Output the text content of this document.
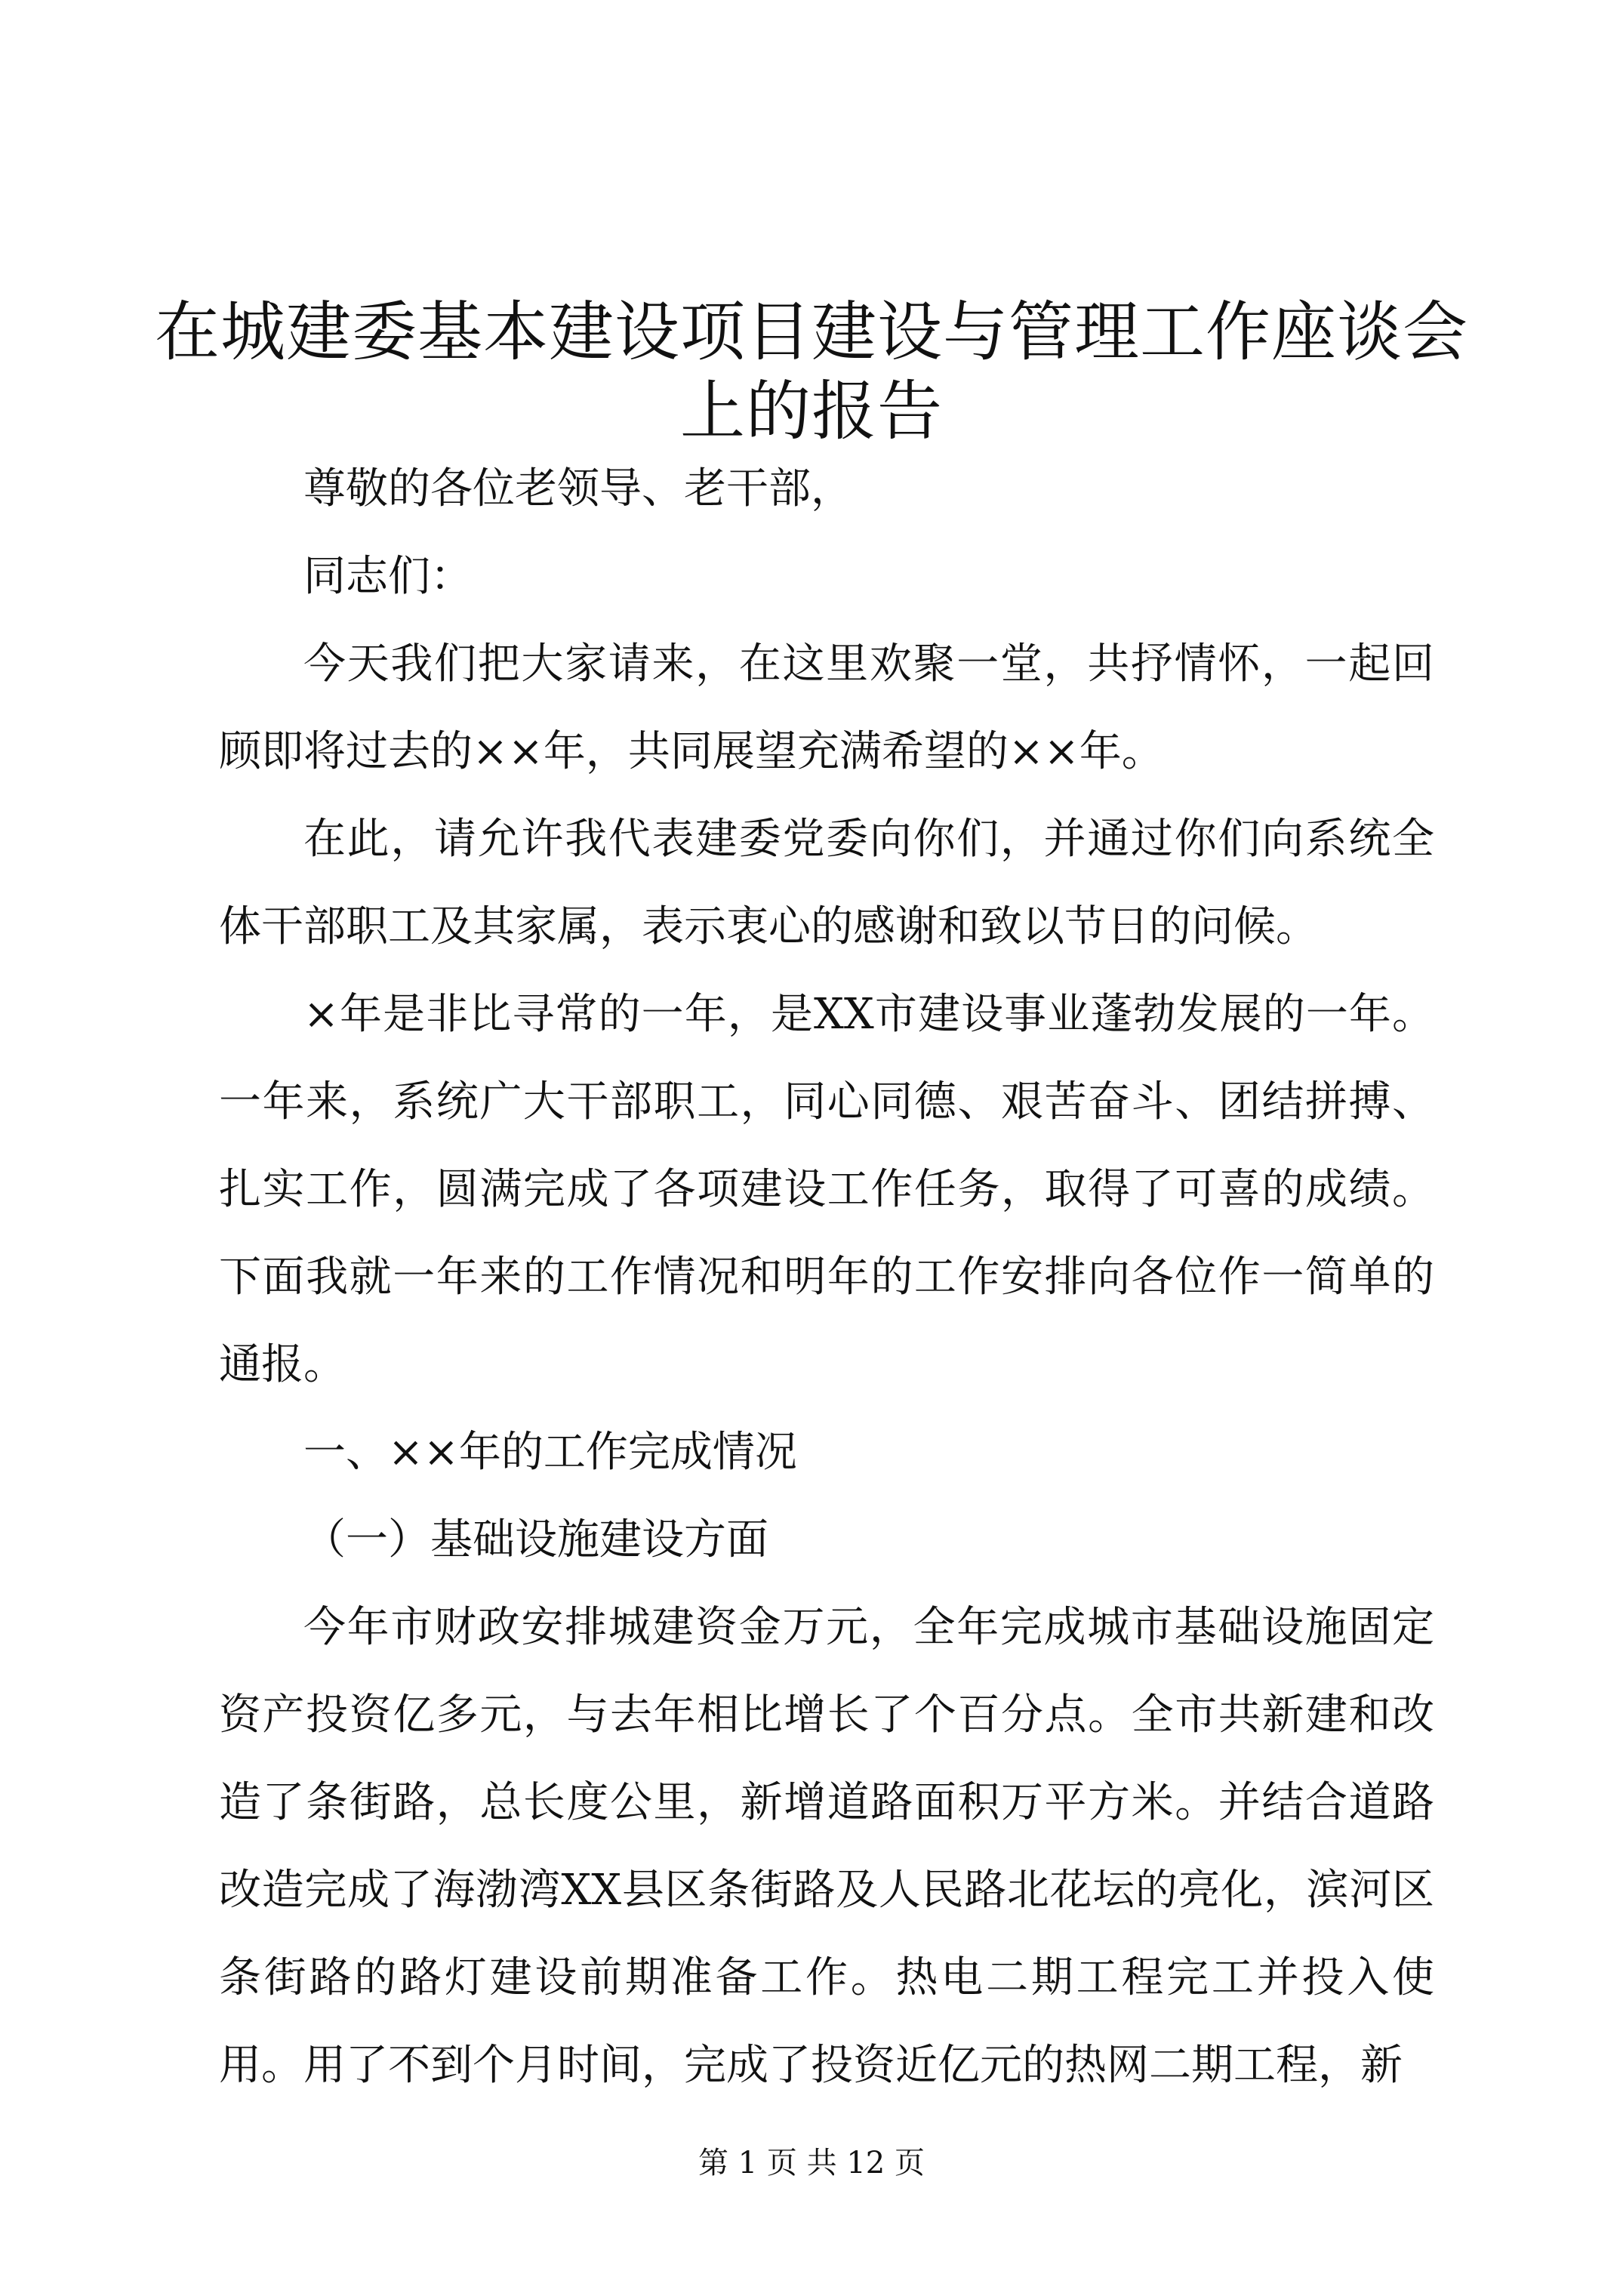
在城建委基本建设项目建设与管理工作座谈会
上的报告

尊敬的各位老领导、老干部，

同志们：

今天我们把大家请来，在这里欢聚一堂，共抒情怀，一起回顾即将过去的××年，共同展望充满希望的××年。

在此，请允许我代表建委党委向你们，并通过你们向系统全体干部职工及其家属，表示衷心的感谢和致以节日的问候。

×年是非比寻常的一年，是XX市建设事业蓬勃发展的一年。一年来，系统广大干部职工，同心同德、艰苦奋斗、团结拼搏、扎实工作，圆满完成了各项建设工作任务，取得了可喜的成绩。下面我就一年来的工作情况和明年的工作安排向各位作一简单的通报。

一、××年的工作完成情况

（一）基础设施建设方面

今年市财政安排城建资金万元，全年完成城市基础设施固定资产投资亿多元，与去年相比增长了个百分点。全市共新建和改造了条街路，总长度公里，新增道路面积万平方米。并结合道路改造完成了海渤湾XX县区条街路及人民路北花坛的亮化，滨河区条街路的路灯建设前期准备工作。热电二期工程完工并投入使用。用了不到个月时间，完成了投资近亿元的热网二期工程，新

第 1 页 共 12 页
